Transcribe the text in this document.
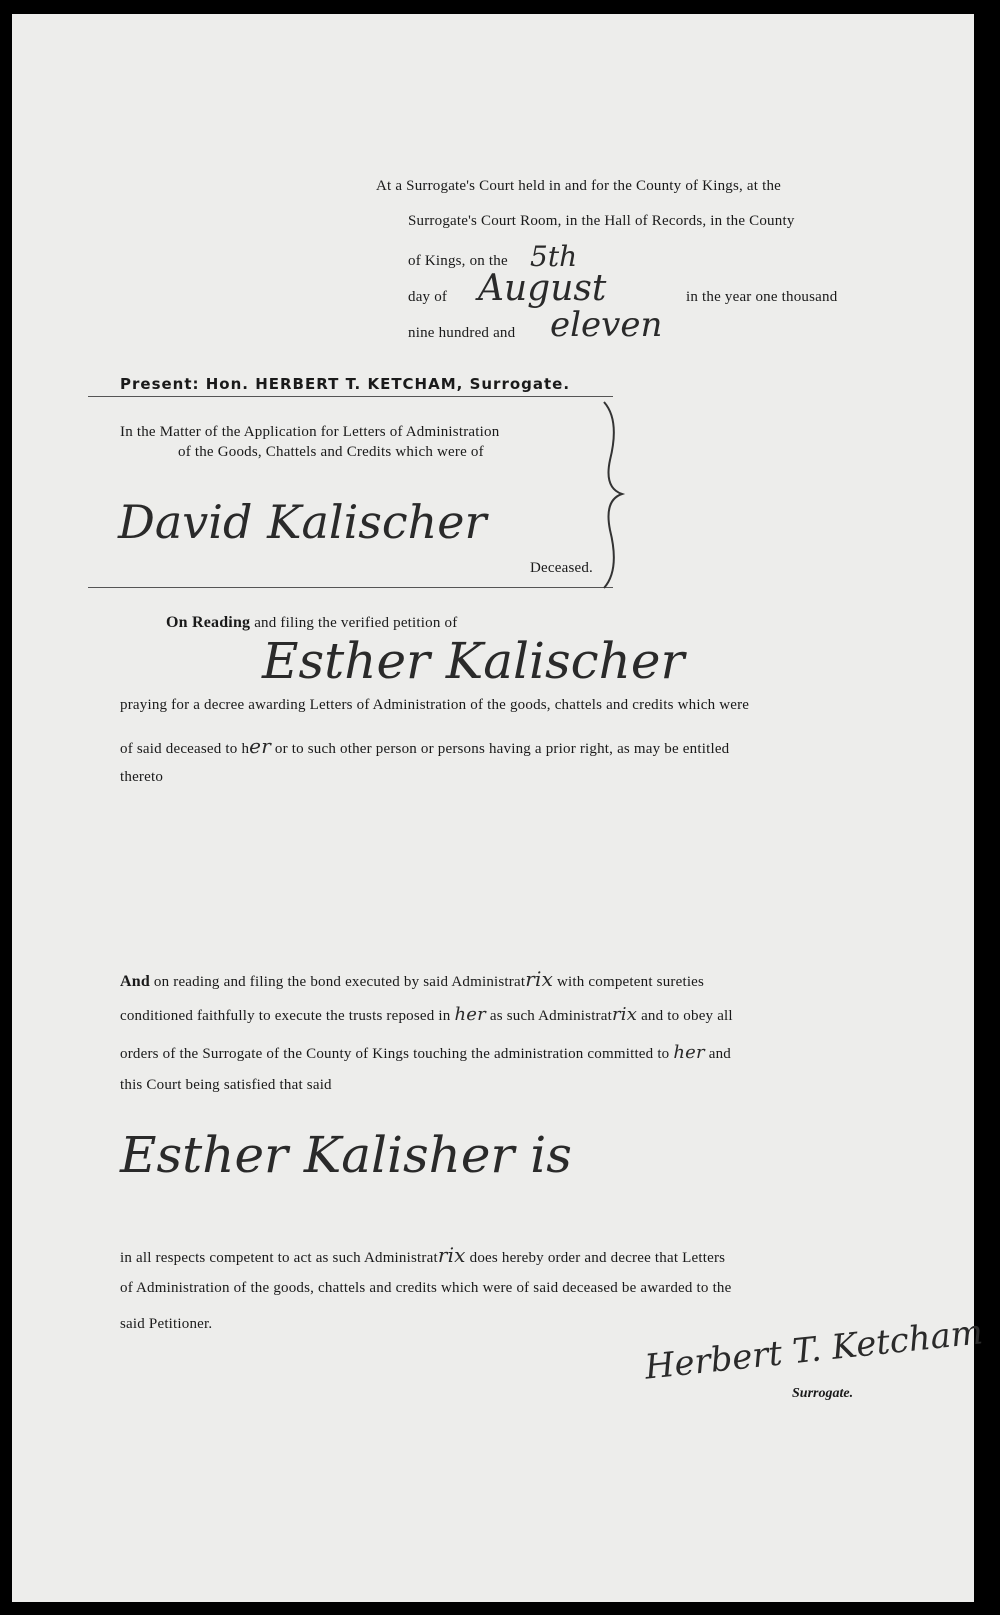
At a Surrogate's Court held in and for the County of Kings, at the
Surrogate's Court Room, in the Hall of Records, in the County
of Kings, on the 5th
day of August	in the year one thousand
nine hundred and eleven
Present: Hon. HERBERT T. KETCHAM, Surrogate.
In the Matter of the Application for Letters of Administration
of the Goods, Chattels and Credits which were of
David Kalischer
Deceased.
On Reading and filing the verified petition of
Esther Kalischer
praying for a decree awarding Letters of Administration of the goods, chattels and credits which were
of said deceased to her or to such other person or persons having a prior right, as may be entitled
thereto
And on reading and filing the bond executed by said Administratrix with competent sureties
conditioned faithfully to execute the trusts reposed in her as such Administratrix and to obey all
orders of the Surrogate of the County of Kings touching the administration committed to her and
this Court being satisfied that said
Esther Kalisher is
in all respects competent to act as such Administratrix does hereby order and decree that Letters
of Administration of the goods, chattels and credits which were of said deceased be awarded to the
said Petitioner.	Herbert T. Ketcham
Surrogate.
